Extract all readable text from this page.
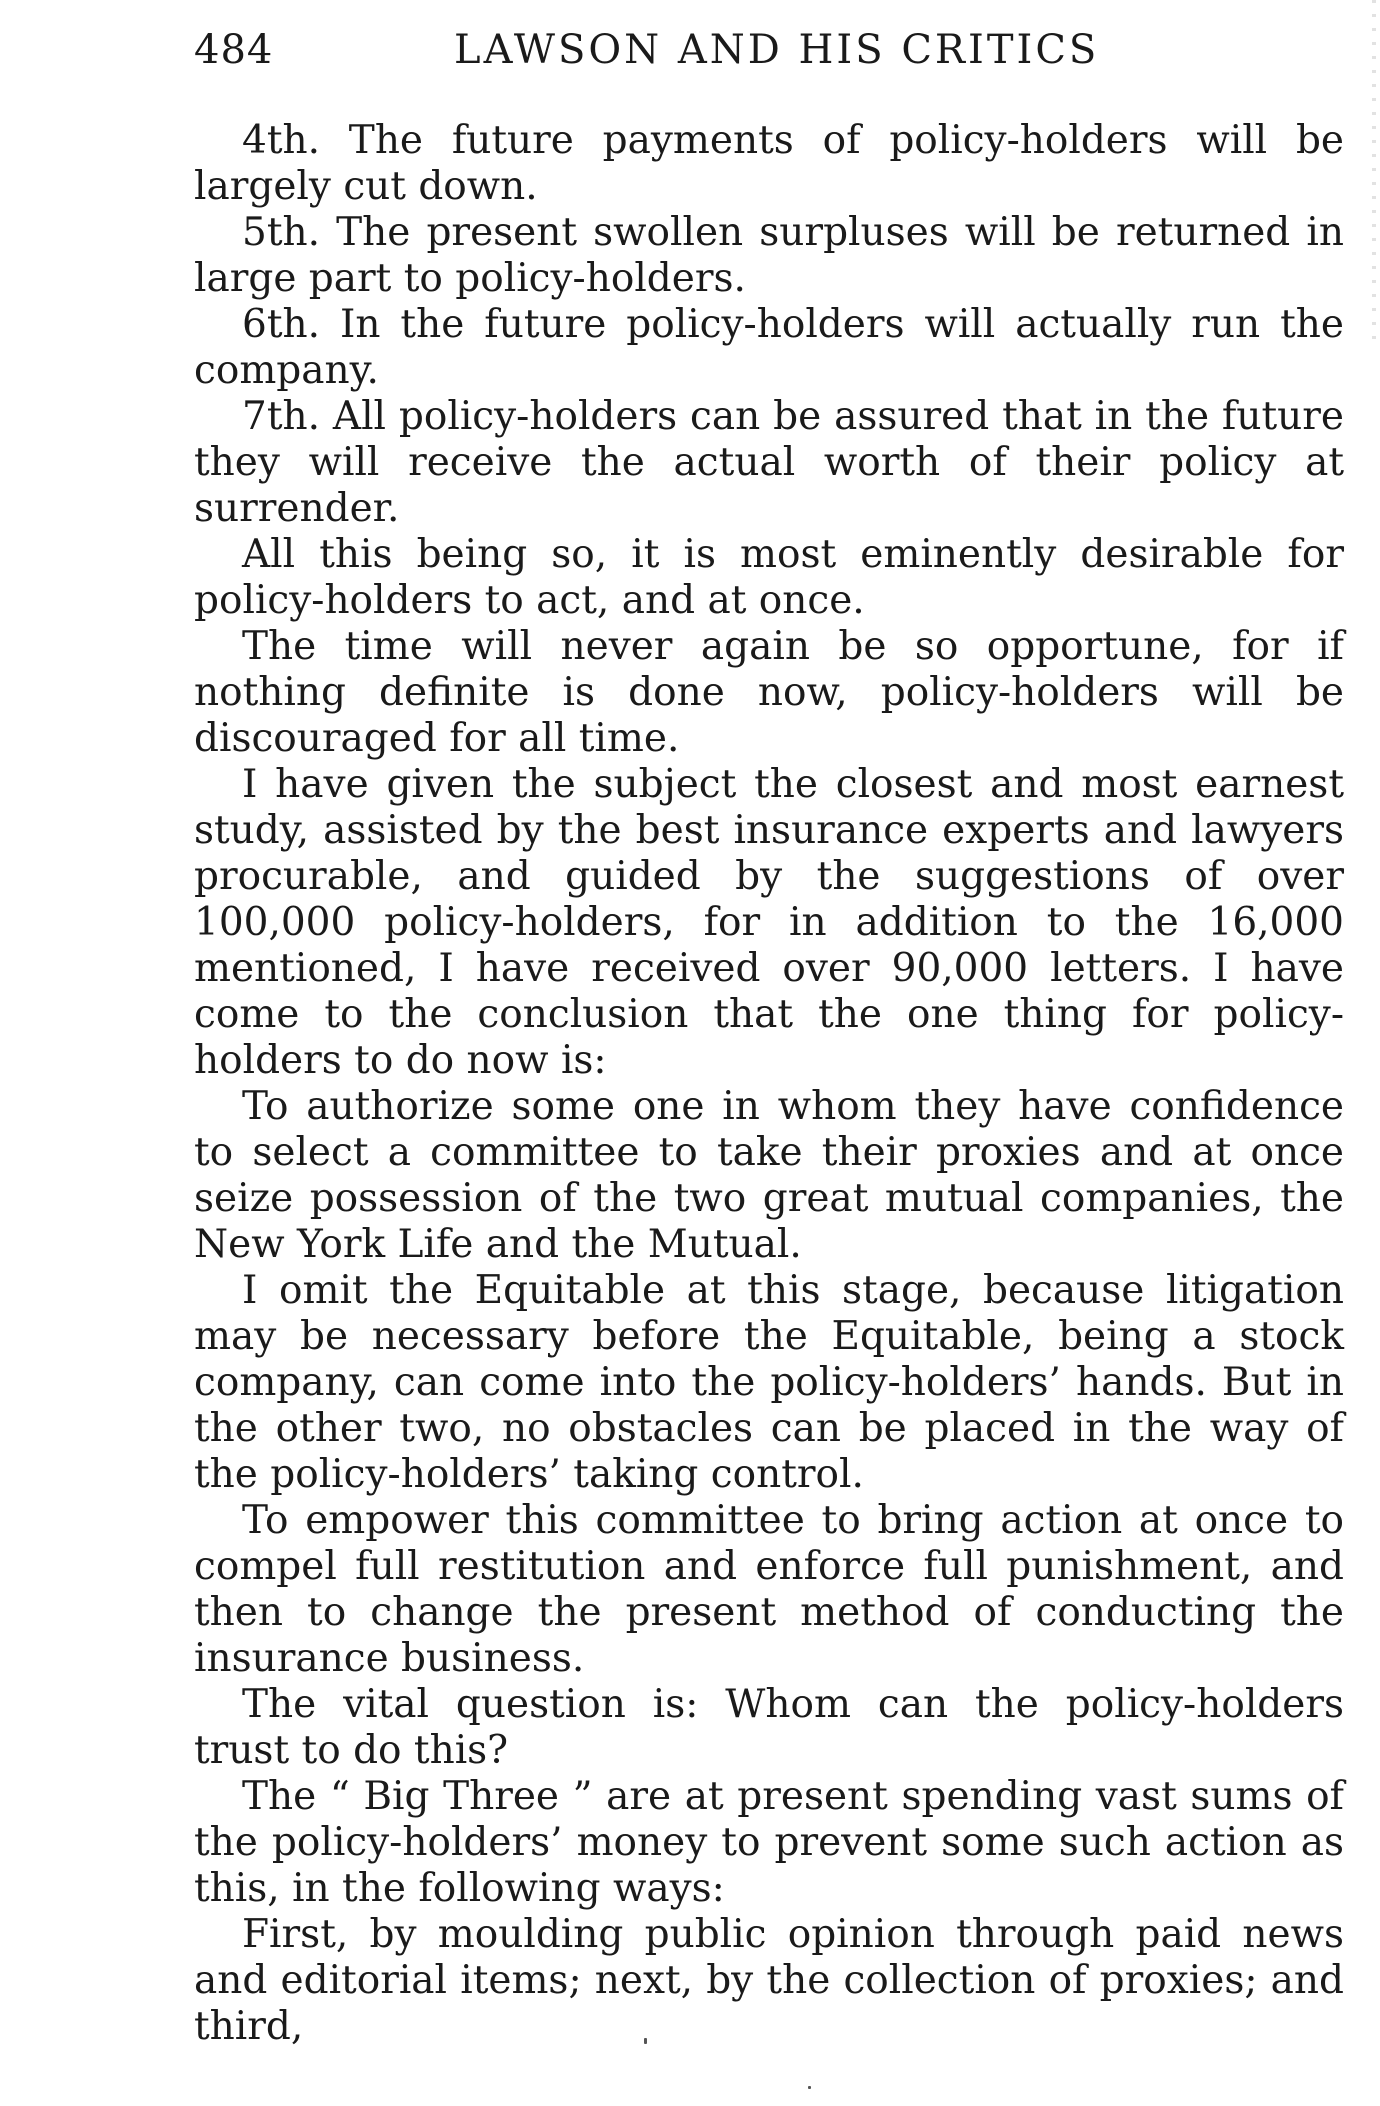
484	LAWSON AND HIS CRITICS

4th. The future payments of policy-holders will be largely cut down.

5th. The present swollen surpluses will be returned in large part to policy-holders.

6th. In the future policy-holders will actually run the company.

7th. All policy-holders can be assured that in the future they will receive the actual worth of their policy at surrender.

All this being so, it is most eminently desirable for policy-holders to act, and at once.

The time will never again be so opportune, for if nothing definite is done now, policy-holders will be discouraged for all time.

I have given the subject the closest and most earnest study, assisted by the best insurance experts and lawyers procurable, and guided by the suggestions of over 100,000 policy-holders, for in addition to the 16,000 mentioned, I have received over 90,000 letters. I have come to the conclusion that the one thing for policy-holders to do now is:

To authorize some one in whom they have confidence to select a committee to take their proxies and at once seize possession of the two great mutual companies, the New York Life and the Mutual.

I omit the Equitable at this stage, because litigation may be necessary before the Equitable, being a stock company, can come into the policy-holders’ hands. But in the other two, no obstacles can be placed in the way of the policy-holders’ taking control.

To empower this committee to bring action at once to compel full restitution and enforce full punishment, and then to change the present method of conducting the insurance business.

The vital question is: Whom can the policy-holders trust to do this?

The “ Big Three ” are at present spending vast sums of the policy-holders’ money to prevent some such action as this, in the following ways:

First, by moulding public opinion through paid news and editorial items; next, by the collection of proxies; and third,
